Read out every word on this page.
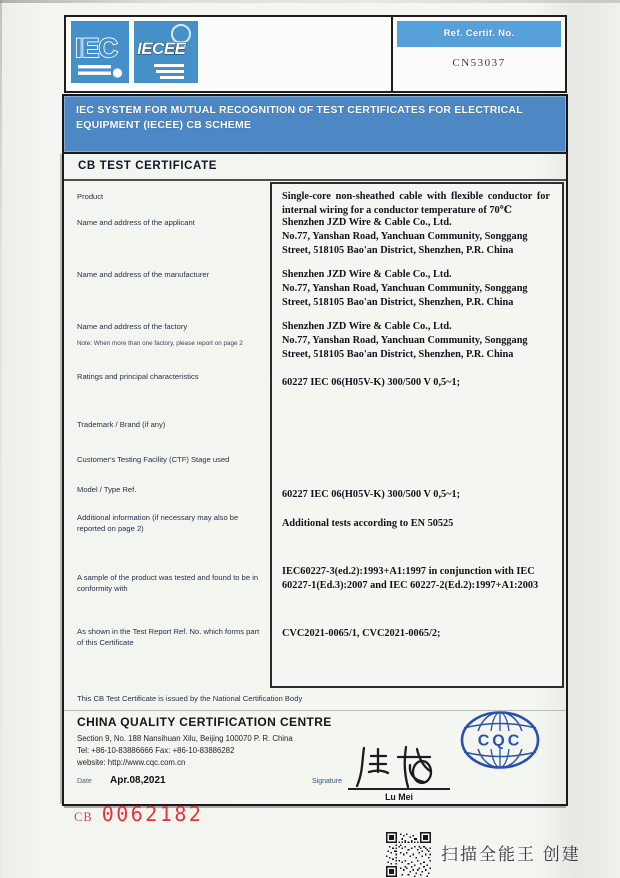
IEC IECEE
Ref. Certif. No.
CN53037
IEC SYSTEM FOR MUTUAL RECOGNITION OF TEST CERTIFICATES FOR ELECTRICAL EQUIPMENT (IECEE) CB SCHEME
CB TEST CERTIFICATE
Product
Name and address of the applicant
Name and address of the manufacturer
Name and address of the factory
Note: When more than one factory, please report on page 2
Ratings and principal characteristics
Trademark / Brand (if any)
Customer's Testing Facility (CTF) Stage used
Model / Type Ref.
Additional information (if necessary may also be reported on page 2)
A sample of the product was tested and found to be in conformity with
As shown in the Test Report Ref. No. which forms part of this Certificate
Single-core non-sheathed cable with flexible conductor for internal wiring for a conductor temperature of 70℃
Shenzhen JZD Wire & Cable Co., Ltd.
No.77, Yanshan Road, Yanchuan Community, Songgang Street, 518105 Bao'an District, Shenzhen, P.R. China
Shenzhen JZD Wire & Cable Co., Ltd.
No.77, Yanshan Road, Yanchuan Community, Songgang Street, 518105 Bao'an District, Shenzhen, P.R. China
Shenzhen JZD Wire & Cable Co., Ltd.
No.77, Yanshan Road, Yanchuan Community, Songgang Street, 518105 Bao'an District, Shenzhen, P.R. China
60227 IEC 06(H05V-K) 300/500 V 0,5~1;
60227 IEC 06(H05V-K) 300/500 V 0,5~1;
Additional tests according to EN 50525
IEC60227-3(ed.2):1993+A1:1997 in conjunction with IEC 60227-1(Ed.3):2007 and IEC 60227-2(Ed.2):1997+A1:2003
CVC2021-0065/1, CVC2021-0065/2;
This CB Test Certificate is issued by the National Certification Body
CHINA QUALITY CERTIFICATION CENTRE
Section 9, No. 188 Nansihuan Xilu, Beijing 100070 P. R. China
Tel: +86-10-83886666 Fax: +86-10-83886282
website: http://www.cqc.com.cn
Date Apr.08,2021	Signature
Lu Mei
CQC
CB 0062182
扫描全能王 创建
